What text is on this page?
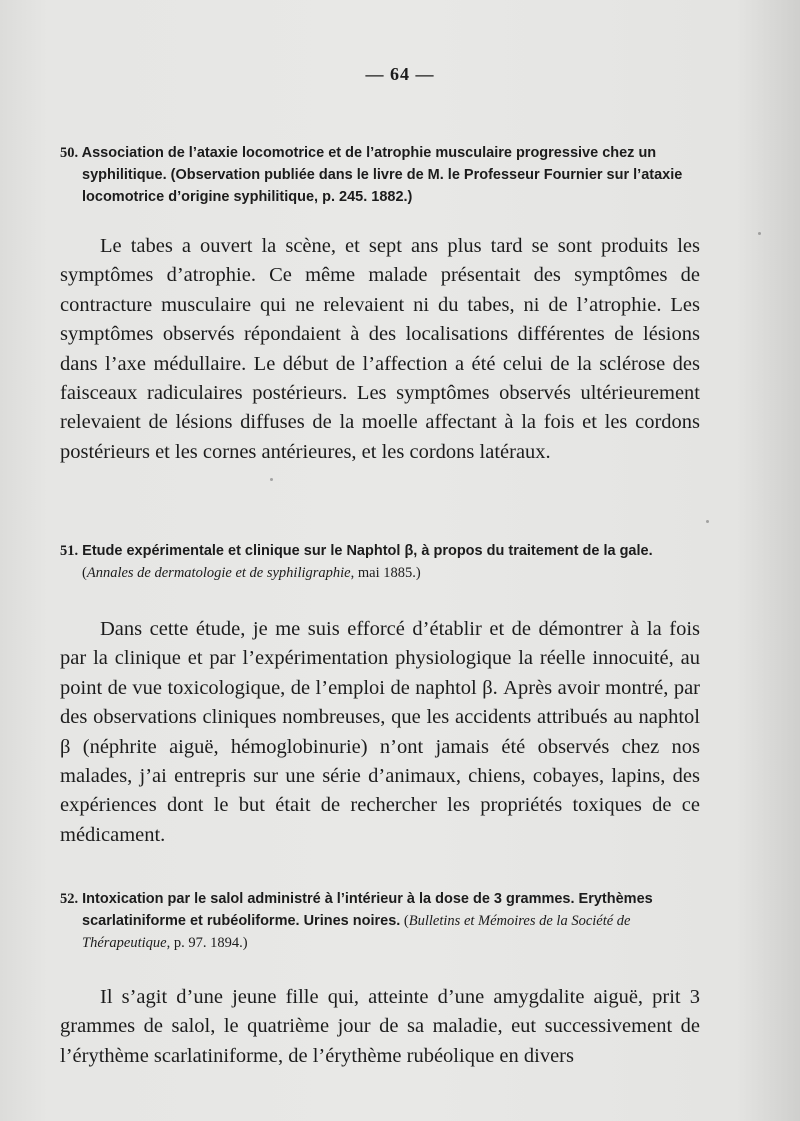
— 64 —

50. Association de l’ataxie locomotrice et de l’atrophie musculaire progressive chez un
syphilitique. (Observation publiée dans le livre de M. le Professeur Fournier sur l’ataxie locomotrice d’origine syphilitique, p. 245. 1882.)

Le tabes a ouvert la scène, et sept ans plus tard se sont produits les symptômes d’atrophie. Ce même malade présentait des symptômes de contracture musculaire qui ne relevaient ni du tabes, ni de l’atrophie. Les symptômes observés répondaient à des localisations différentes de lésions dans l’axe médullaire. Le début de l’affection a été celui de la sclérose des faisceaux radiculaires postérieurs. Les symptômes observés ultérieurement relevaient de lésions diffuses de la moelle affectant à la fois et les cordons postérieurs et les cornes antérieures, et les cordons latéraux.

51. Etude expérimentale et clinique sur le Naphtol β, à propos du traitement de la gale.
(Annales de dermatologie et de syphiligraphie, mai 1885.)

Dans cette étude, je me suis efforcé d’établir et de démontrer à la fois par la clinique et par l’expérimentation physiologique la réelle innocuité, au point de vue toxicologique, de l’emploi de naphtol β. Après avoir montré, par des observations cliniques nombreuses, que les accidents attribués au naphtol β (néphrite aiguë, hémoglobinurie) n’ont jamais été observés chez nos malades, j’ai entrepris sur une série d’animaux, chiens, cobayes, lapins, des expériences dont le but était de rechercher les propriétés toxiques de ce médicament.

52. Intoxication par le salol administré à l’intérieur à la dose de 3 grammes. Erythèmes
scarlatiniforme et rubéoliforme. Urines noires. (Bulletins et Mémoires de la Société de Thérapeutique, p. 97. 1894.)

Il s’agit d’une jeune fille qui, atteinte d’une amygdalite aiguë, prit 3 grammes de salol, le quatrième jour de sa maladie, eut successivement de l’érythème scarlatiniforme, de l’érythème rubéolique en divers
